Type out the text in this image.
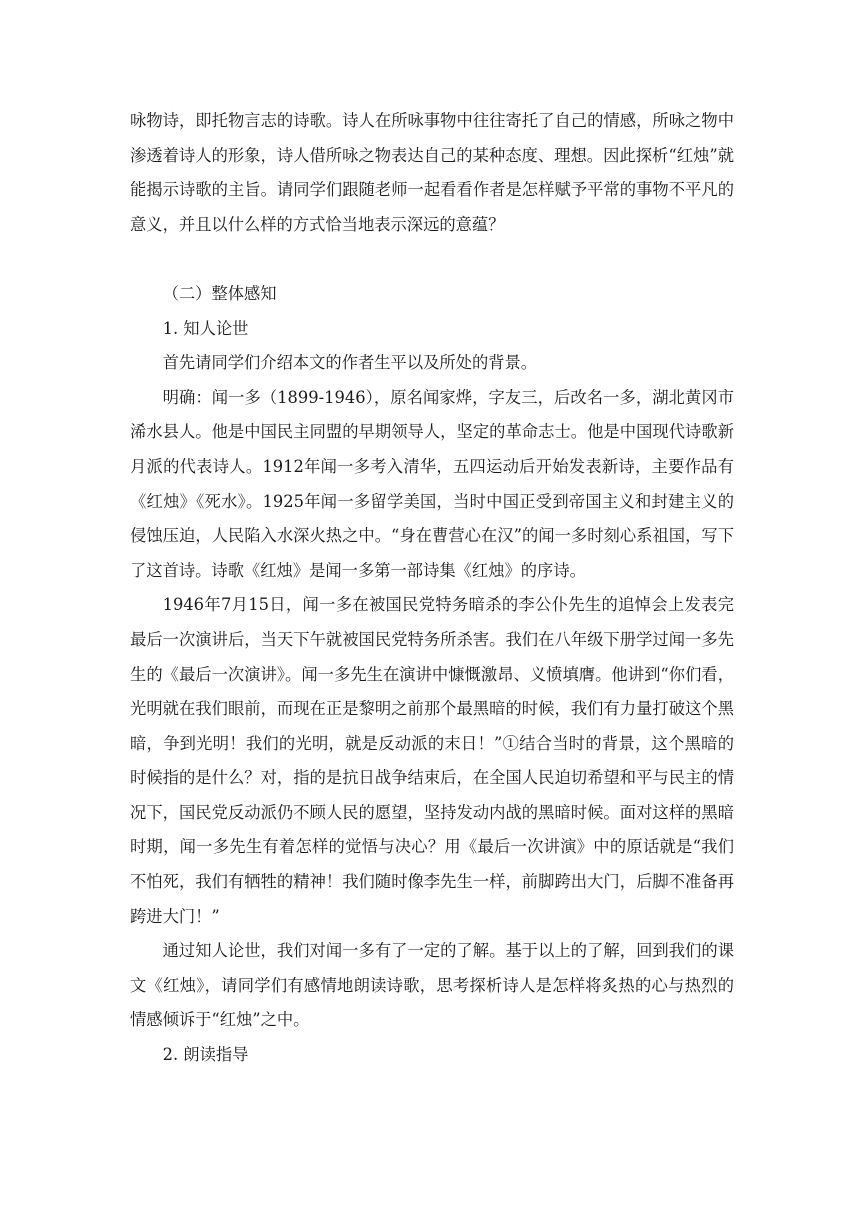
咏物诗，即托物言志的诗歌。诗人在所咏事物中往往寄托了自己的情感，所咏之物中渗透着诗人的形象，诗人借所咏之物表达自己的某种态度、理想。因此探析“红烛”就能揭示诗歌的主旨。请同学们跟随老师一起看看作者是怎样赋予平常的事物不平凡的意义，并且以什么样的方式恰当地表示深远的意蕴？

（二）整体感知

1. 知人论世

首先请同学们介绍本文的作者生平以及所处的背景。

明确：闻一多（1899-1946），原名闻家烨，字友三，后改名一多，湖北黄冈市浠水县人。他是中国民主同盟的早期领导人，坚定的革命志士。他是中国现代诗歌新月派的代表诗人。1912年闻一多考入清华，五四运动后开始发表新诗，主要作品有《红烛》《死水》。1925年闻一多留学美国，当时中国正受到帝国主义和封建主义的侵蚀压迫，人民陷入水深火热之中。“身在曹营心在汉”的闻一多时刻心系祖国，写下了这首诗。诗歌《红烛》是闻一多第一部诗集《红烛》的序诗。

1946年7月15日，闻一多在被国民党特务暗杀的李公仆先生的追悼会上发表完最后一次演讲后，当天下午就被国民党特务所杀害。我们在八年级下册学过闻一多先生的《最后一次演讲》。闻一多先生在演讲中慷慨激昂、义愤填膺。他讲到“你们看，光明就在我们眼前，而现在正是黎明之前那个最黑暗的时候，我们有力量打破这个黑暗，争到光明！我们的光明，就是反动派的末日！”①结合当时的背景，这个黑暗的时候指的是什么？对，指的是抗日战争结束后，在全国人民迫切希望和平与民主的情况下，国民党反动派仍不顾人民的愿望，坚持发动内战的黑暗时候。面对这样的黑暗时期，闻一多先生有着怎样的觉悟与决心？用《最后一次讲演》中的原话就是“我们不怕死，我们有牺牲的精神！我们随时像李先生一样，前脚跨出大门，后脚不准备再跨进大门！”

通过知人论世，我们对闻一多有了一定的了解。基于以上的了解，回到我们的课文《红烛》，请同学们有感情地朗读诗歌，思考探析诗人是怎样将炙热的心与热烈的情感倾诉于“红烛”之中。

2. 朗读指导
